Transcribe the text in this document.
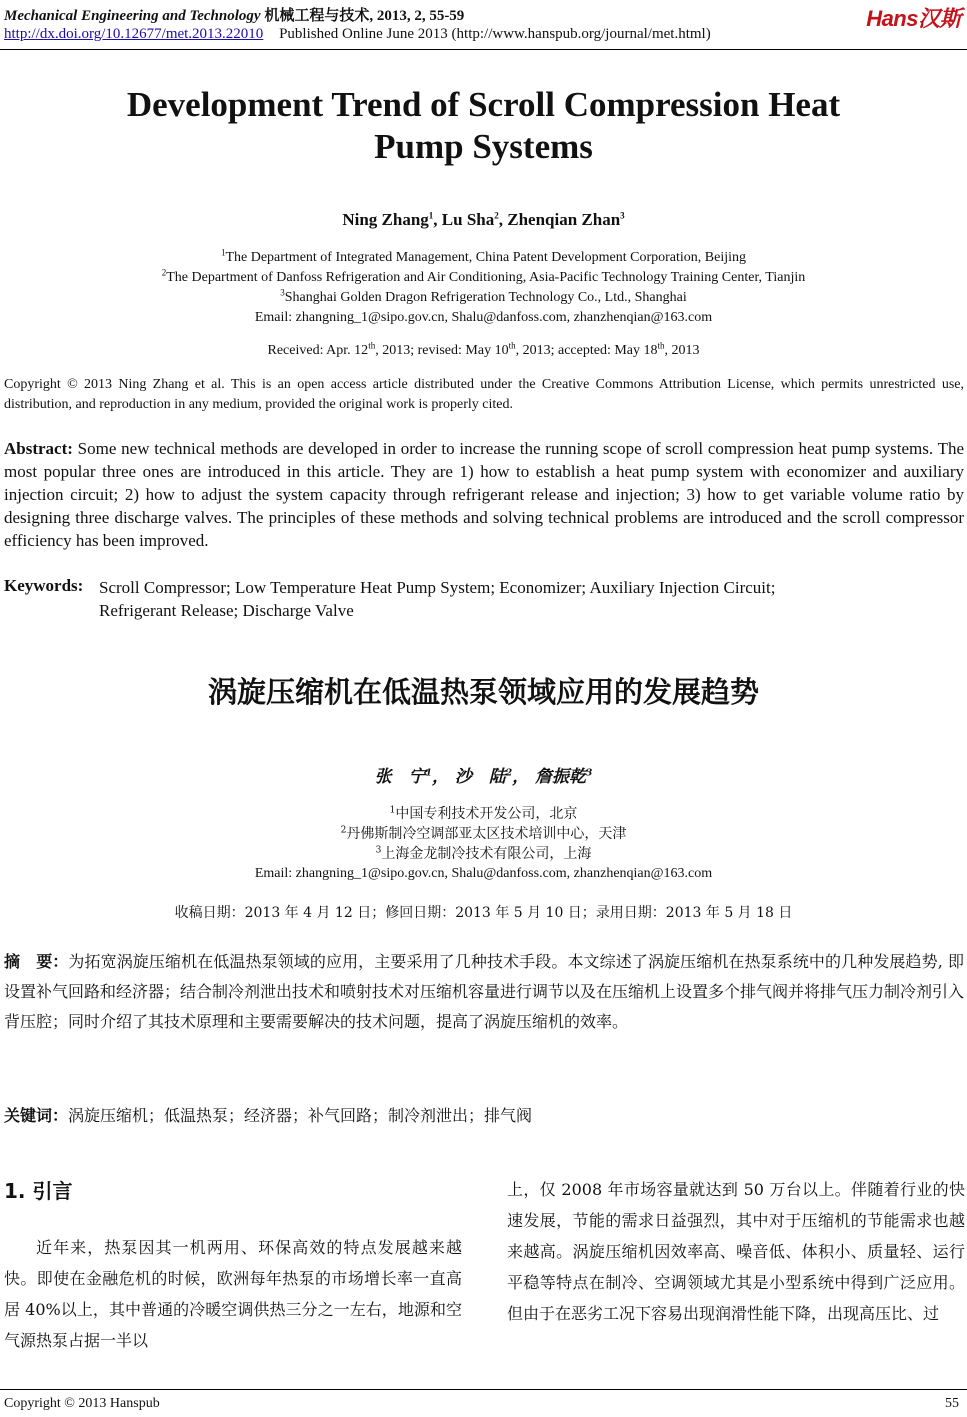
Mechanical Engineering and Technology 机械工程与技术, 2013, 2, 55-59
http://dx.doi.org/10.12677/met.2013.22010 Published Online June 2013 (http://www.hanspub.org/journal/met.html)
Hans汉斯
Development Trend of Scroll Compression Heat
Pump Systems
Ning Zhang$^1$, Lu Sha$^2$, Zhenqian Zhan$^3$
$^1$The Department of Integrated Management, China Patent Development Corporation, Beijing
$^2$The Department of Danfoss Refrigeration and Air Conditioning, Asia-Pacific Technology Training Center, Tianjin
$^3$Shanghai Golden Dragon Refrigeration Technology Co., Ltd., Shanghai
Email: zhangning_1@sipo.gov.cn, Shalu@danfoss.com, zhanzhenqian@163.com
Received: Apr. 12th, 2013; revised: May 10th, 2013; accepted: May 18th, 2013
Copyright © 2013 Ning Zhang et al. This is an open access article distributed under the Creative Commons Attribution License, which permits unrestricted use, distribution, and reproduction in any medium, provided the original work is properly cited.
Abstract: Some new technical methods are developed in order to increase the running scope of scroll compression heat pump systems. The most popular three ones are introduced in this article. They are 1) how to establish a heat pump system with economizer and auxiliary injection circuit; 2) how to adjust the system capacity through refrigerant release and injection; 3) how to get variable volume ratio by designing three discharge valves. The principles of these methods and solving technical problems are introduced and the scroll compressor efficiency has been improved.
Keywords: Scroll Compressor; Low Temperature Heat Pump System; Economizer; Auxiliary Injection Circuit;
Refrigerant Release; Discharge Valve
涡旋压缩机在低温热泵领域应用的发展趋势
张　宁$^1$， 沙　陆$^2$， 詹振乾$^3$
$^1$中国专利技术开发公司，北京
$^2$丹佛斯制冷空调部亚太区技术培训中心，天津
$^3$上海金龙制冷技术有限公司，上海
Email: zhangning_1@sipo.gov.cn, Shalu@danfoss.com, zhanzhenqian@163.com
收稿日期：2013 年 4 月 12 日；修回日期：2013 年 5 月 10 日；录用日期：2013 年 5 月 18 日
摘　要：为拓宽涡旋压缩机在低温热泵领域的应用，主要采用了几种技术手段。本文综述了涡旋压缩机在热泵系统中的几种发展趋势, 即设置补气回路和经济器；结合制冷剂泄出技术和喷射技术对压缩机容量进行调节以及在压缩机上设置多个排气阀并将排气压力制冷剂引入背压腔；同时介绍了其技术原理和主要需要解决的技术问题，提高了涡旋压缩机的效率。
关键词：涡旋压缩机；低温热泵；经济器；补气回路；制冷剂泄出；排气阀
1. 引言
近年来，热泵因其一机两用、环保高效的特点发展越来越快。即使在金融危机的时候，欧洲每年热泵的市场增长率一直高居 40%以上，其中普通的冷暖空调供热三分之一左右，地源和空气源热泵占据一半以
上，仅 2008 年市场容量就达到 50 万台以上。伴随着行业的快速发展，节能的需求日益强烈，其中对于压缩机的节能需求也越来越高。涡旋压缩机因效率高、噪音低、体积小、质量轻、运行平稳等特点在制冷、空调领域尤其是小型系统中得到广泛应用。但由于在恶劣工况下容易出现润滑性能下降，出现高压比、过
Copyright © 2013 Hanspub	55
